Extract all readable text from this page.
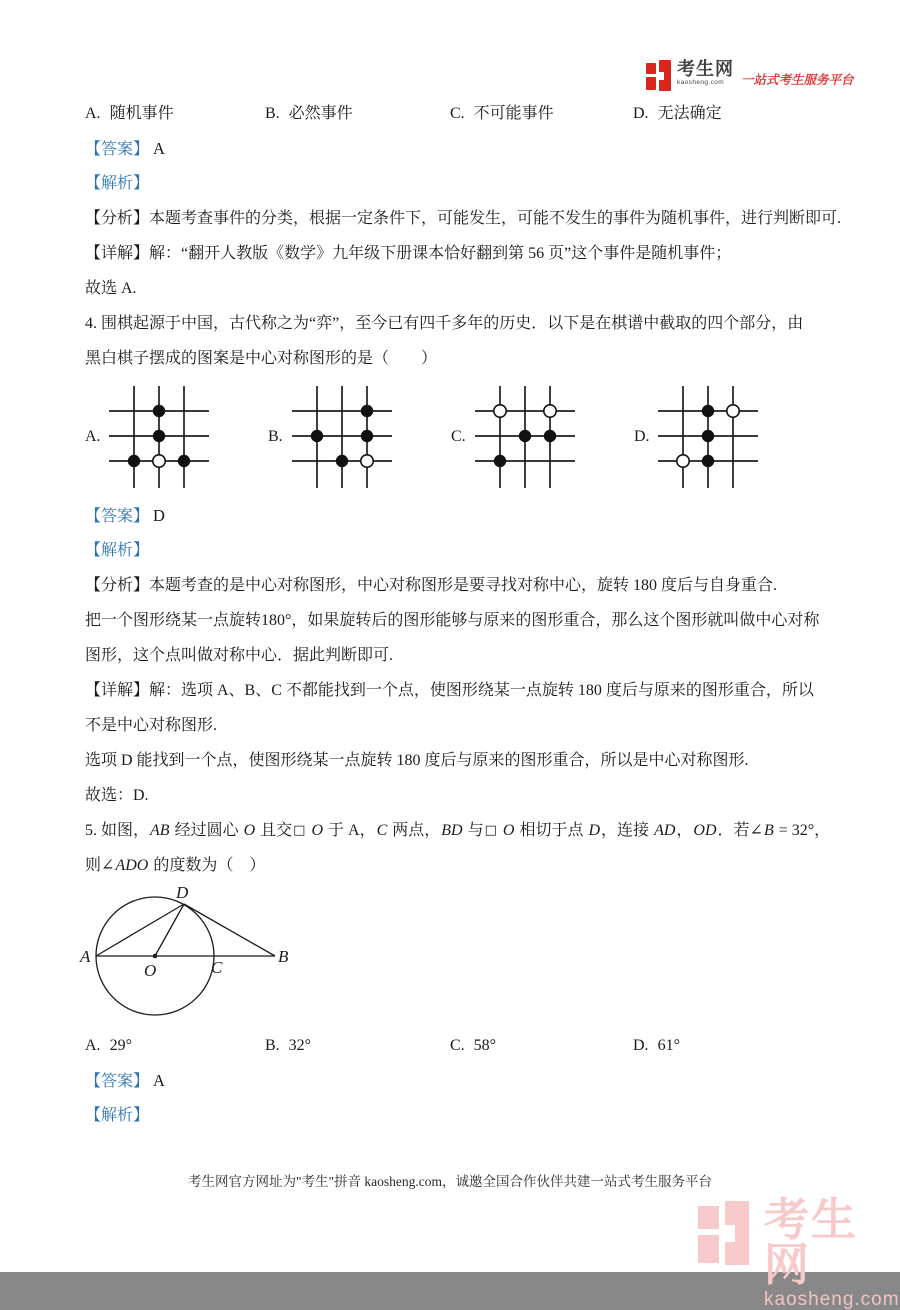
考生网
kaosheng.com	一站式考生服务平台
A. 随机事件	B. 必然事件	C. 不可能事件	D. 无法确定
【答案】 A
【解析】
【分析】本题考查事件的分类，根据一定条件下，可能发生，可能不发生的事件为随机事件，进行判断即可.
【详解】解：“翻开人教版《数学》九年级下册课本恰好翻到第 56 页”这个事件是随机事件；
故选 A.
4. 围棋起源于中国，古代称之为“弈”，至今已有四千多年的历史．以下是在棋谱中截取的四个部分，由
黑白棋子摆成的图案是中心对称图形的是（　　）
A.	B.	C.	D.
【答案】 D
【解析】
【分析】本题考查的是中心对称图形，中心对称图形是要寻找对称中心，旋转 180 度后与自身重合.
把一个图形绕某一点旋转180°，如果旋转后的图形能够与原来的图形重合，那么这个图形就叫做中心对称
图形，这个点叫做对称中心．据此判断即可.
【详解】解：选项 A、B、C 不都能找到一个点，使图形绕某一点旋转 180 度后与原来的图形重合，所以
不是中心对称图形.
选项 D 能找到一个点，使图形绕某一点旋转 180 度后与原来的图形重合，所以是中心对称图形.
故选：D.
5. 如图，AB 经过圆心 O 且交□ O 于 A，C 两点，BD 与□ O 相切于点 D，连接 AD，OD．若∠B = 32°，
则∠ADO 的度数为（　）
D
A
O	C
B
A. 29°	B. 32°	C. 58°	D. 61°
【答案】 A
【解析】
考生网官方网址为"考生"拼音 kaosheng.com，诚邀全国合作伙伴共建一站式考生服务平台
考生网
kaosheng.com
